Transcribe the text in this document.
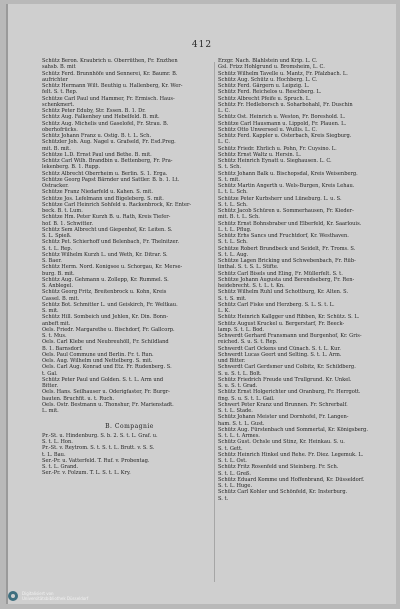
412
Schütz Beron. Kraubrich u. Oberrüthen, Fr. Enzthen
sahsb. B. mit
Schütz Ferd. Brunnhöfe und Sennerei, Kr. Baumr. B.
aufrichter
Schütz Hermann Wilt. Beuthig u. Hallenberg, Kr. Wer-
felt. S. t. Rep.
Schütze Carl Paul und Hammer, Fr. Ermisch. Haus-
schenkmert.
Schütz Peter Eduby, Str. Essen. B. 1. Dr.
Schütz Aug. Falkenhey und Hebelfeld. B. mit.
Schütz Aug. Michelis und Gaselofel, Fr. Strau. B.
oberhofrücks.
Schütz Johann Franz u. Ostig. B. t. L. Sch.
Schützler Joh. Aug. Nagel u. Grafseld, Fr. Esd.Preg.
mit. B. mit.
Schütze L.D. Ernst Paul und Bethe. B. mit.
Schütz Carl Wilh. Brandbin u. Bettenberg, Fr. Pra-
lekenberg. B. 1. Rupp.
Schütz Albrecht Oberrheim u. Berlin. S. 1. Erga.
Schütze Georg Papst Bärnder und Sattler. B. b. 1. Lt.
Ostracker.
Schütze Franz Niedarfeld u. Kahen. S. mit.
Schütze Jos. Lefelmann und Bigeleberg. S. mit.
Schütze Carl Heinrich Sohfeld u. Rackenbrock, Kr. Enter-
beck. B. t. Lum.
Schütze Hm. Peter Kurzh B. u. Rath, Kreis Tiefer-
hof. B. 1. Schwitter.
Schütz Sem Albrecht und Giepenhof, Kr. Leiten. S.
S. L. Spieß.
Schütz Pet. Schierhoff und Belenbach, Fr. Thelnitzer.
S. t. L. Rep.
Schütz Wilhelm Kurzh L. und Weth, Kr. Ditrar. S.
S. Baer.
Schütz Herm. Nord. Konigsee u. Schorgau, Kr. Merse-
burg. B. mit.
Schütz Aug. Gehmann u. Zollepp, Kr. Rummel. S.
S. Anblegel.
Schütz Georg Fritz, Breitenbrock u. Kohn, Kreis
Cassel. B. mit.
Schütz Bot. Schmitter L. und Geiskirch, Fr. Weltkau.
S. mit.
Schütz Hill. Sombeich und Jehlen, Kr. Din. Bonn-
anbeft mit.
Oels. Friedr. Margarethe u. Bischdorf, Fr. Gallcorp.
S. t. Mus.
Oels. Carl Klebe und Neubreuhöll, Fr. Schildland
B. 1. Barnsdorf.
Oels. Paul Commune und Berlin. Fr. t. Run.
Oels. Aug. Wilhelm und Nettelberg. S. mit.
Oels. Carl Aug. Konrad und Etz. Fr. Rudenberg. S.
t. Gal.
Schütz Peter Paul und Golden. S. t. L. Arm und
Bitter.
Oels. Hans. Seilhauser u. Oderigfaster, Fr. Burgr-
bauten. Bruchfit. u. t. Ruch.
Oels. Ostr. Bestmann u. Thonshur, Fr. Marienstadt.
L. mit.
B. Compagnie
Pr.-St. u. Hindenburg. S. b. 2. S. t. L. Graf. u.
S. t. L. Hon.
Pr.-St. v. Reytrom. S. t. S. t. L. Brutt. v. S. S.
t. L. Bau.
Ser.-Pr. u. Vatterfeld. T. Ruf. v. Probentag.
S. t. L. Grand.
Ser.-Pr. v. Folzum. T. L. S. t. L. Kry.
Erzgr. Nach. Blahlstein und Krip. L. C.
Gsl. Frizz Hohlgrund u. Bromsheim, L. C.
Schütz Wilhelm Tavelle u. Mantz, Fr. Pfalzbach. L.
Schütz Aug. Schütz u. Hochberg. L. C.
Schütz Ferd. Gärgern u. Leipzig. L.
Schütz Ferd. Reichelos u. Reschberg. L.
Schütz Albrecht Pfeife u. Spruch. L.
Schütz Fr. Hedleborsch u. Soharbohahl, Fr. Duschin
L. C.
Schütz Ost. Heinrich u. Weston, Fr. Boreshold. L.
Schütze Carl Hausmann u. Lippold, Fr. Plauen. L.
Schütz Otto Unwerseel u. Wullis. L. C.
Schütz Ferd. Kappler u. Osterbach, Kreis Siegburg.
L. C.
Schütz Friedr. Ehrlich u. Pohn, Fr. Cuysino. L.
Schütz Ernst Waltz u. Hersin. L.
Schütz Heinrich Eynatt u. Sieghausen. L. C.
S. t. Sch.
Schütz Johann Balk u. Bischopsdal, Kreis Weisenberg.
S. t. mit.
Schütz Martin Angerth u. Wels-Burgen, Kreis Lehau.
L. t. L. Sch.
Schütze Peter Kurbsherr und Lüneburg. L. u. S.
S. t. L. Sch.
Schütz Jacob Schüren u. Sommerhausen, Fr. Kieder-
mit. B. t. L. Sch.
Schütz Ernst Bohnsbraber und Elberfeld, Kr. Saarlouis.
L. t. L. Pflug.
Schütz Erhs Sancs und Fruchtdorf, Kr. Westhaven.
S. t. L. Sch.
Schütze Robert Brundbeck und Seidelt, Fr. Troms. S.
S. t. L. Aug.
Schütze Lagen Bricking und Schwebenbach, Fr. Rüb-
linthal. S. t. S. L. Stifte.
Schütz Carl Bisels und Eling, Fr. Müllerfelt. S. t.
Schütze Johann Augusta und Berendseberg, Fr. Ren-
heidebrecht. S. t. L. t. Kn.
Schütz Wilhelm Ruhl und Schottburg, Kr. Alten. S.
S. t. S. mit.
Schütz Carl Fiske und Herzberg. S. L. S. t. L.
L. K.
Schütz Heinrich Kallgger und Ribben, Kr. Schütz. S. L.
Schütz August Kruckel u. Bergerstarf, Fr. Beeck-
lamp. S. t. L. Bod.
Schwerdt Gerhard Fransmann und Burgenhof, Kr. Gris-
reiched. S. u. S. t. Rep.
Schwerdt Carl Ockens und Cünach. S. t. L. Kur.
Schwerdt Lucas Geert und Selting. S. t. L. Arm.
und Bitter.
Schwerdt Carl Gerdsmer und Colbitz, Kr. Schildberg.
S. u. S. t. L. Bolt.
Schütz Friedrich Freude und Trullgrund. Kr. Unkel.
S. u. S. t. Grad.
Schütz Ernst Holgerichter und Oranburg, Fr. Herrgott.
fing. S. u. S. t. L. Gail.
Schwert Peter Kranz und Brunnen. Fr. Schrerbalf.
S. t. L. Stade.
Schütz Johann Meister und Dornhofel, Fr. Langen-
ham. S. t. L. Gust.
Schütz Aug. Fürstenbach und Sommertal, Kr. Königsberg.
S. t. L. t. Armes.
Schütz Gust. Ochsle und Stinz, Kr. Heinkau. S. u.
S. t. Gett.
Schütz Heinrich Hinkel und Rehe. Fr. Diez. Legemuk. L.
S. t. L. Ost.
Schütz Fritz Rosenfeld und Steinberg. Fr. Sch.
S. t. L. Greß.
Schütz Eduard Komme und Hoffenbrand, Kr. Düsseldorf.
S. t. L. Huge.
Schütz Carl Kohler und Schönfeld, Kr. Insterburg.
S. t.
Digitalisiert von
Universitätsbibliothek Düsseldorf
